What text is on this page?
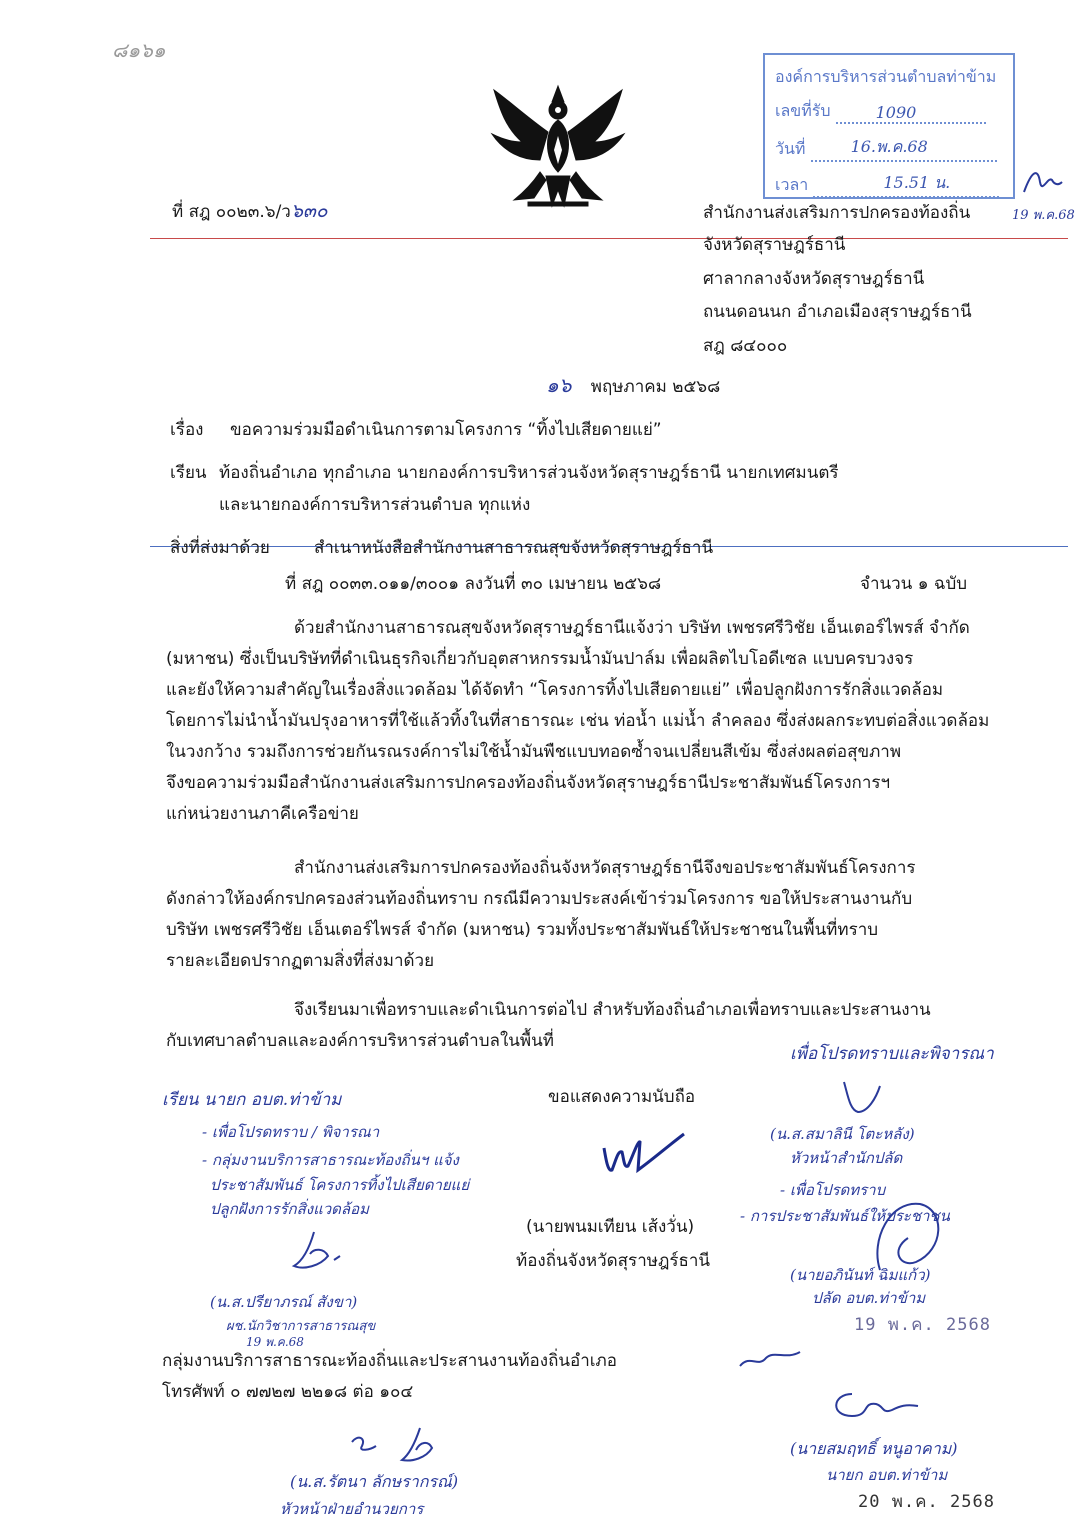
๘๑๖๑
องค์การบริหารส่วนตำบลท่าข้าม
เลขที่รับ	1090
วันที่	16.พ.ค.68
เวลา	15.51 น.
19 พ.ค.68
ที่ สฎ ๐๐๒๓.๖/ว๖๓๐	สำนักงานส่งเสริมการปกครองท้องถิ่น
จังหวัดสุราษฎร์ธานี
ศาลากลางจังหวัดสุราษฎร์ธานี
ถนนดอนนก อำเภอเมืองสุราษฎร์ธานี
สฎ ๘๔๐๐๐
๑๖ พฤษภาคม ๒๕๖๘
เรื่อง ขอความร่วมมือดำเนินการตามโครงการ “ทิ้งไปเสียดายแย่”
เรียน ท้องถิ่นอำเภอ ทุกอำเภอ นายกองค์การบริหารส่วนจังหวัดสุราษฎร์ธานี นายกเทศมนตรี
และนายกองค์การบริหารส่วนตำบล ทุกแห่ง
สิ่งที่ส่งมาด้วย	สำเนาหนังสือสำนักงานสาธารณสุขจังหวัดสุราษฎร์ธานี
ที่ สฎ ๐๐๓๓.๐๑๑/๓๐๐๑ ลงวันที่ ๓๐ เมษายน ๒๕๖๘	จำนวน ๑ ฉบับ
ด้วยสำนักงานสาธารณสุขจังหวัดสุราษฎร์ธานีแจ้งว่า บริษัท เพชรศรีวิชัย เอ็นเตอร์ไพรส์ จำกัด
(มหาชน) ซึ่งเป็นบริษัทที่ดำเนินธุรกิจเกี่ยวกับอุตสาหกรรมน้ำมันปาล์ม เพื่อผลิตไบโอดีเซล แบบครบวงจร
และยังให้ความสำคัญในเรื่องสิ่งแวดล้อม ได้จัดทำ “โครงการทิ้งไปเสียดายแย่” เพื่อปลูกฝังการรักสิ่งแวดล้อม
โดยการไม่นำน้ำมันปรุงอาหารที่ใช้แล้วทิ้งในที่สาธารณะ เช่น ท่อน้ำ แม่น้ำ ลำคลอง ซึ่งส่งผลกระทบต่อสิ่งแวดล้อม
ในวงกว้าง รวมถึงการช่วยกันรณรงค์การไม่ใช้น้ำมันพืชแบบทอดซ้ำจนเปลี่ยนสีเข้ม ซึ่งส่งผลต่อสุขภาพ
จึงขอความร่วมมือสำนักงานส่งเสริมการปกครองท้องถิ่นจังหวัดสุราษฎร์ธานีประชาสัมพันธ์โครงการฯ
แก่หน่วยงานภาคีเครือข่าย
สำนักงานส่งเสริมการปกครองท้องถิ่นจังหวัดสุราษฎร์ธานีจึงขอประชาสัมพันธ์โครงการ
ดังกล่าวให้องค์กรปกครองส่วนท้องถิ่นทราบ กรณีมีความประสงค์เข้าร่วมโครงการ ขอให้ประสานงานกับ
บริษัท เพชรศรีวิชัย เอ็นเตอร์ไพรส์ จำกัด (มหาชน) รวมทั้งประชาสัมพันธ์ให้ประชาชนในพื้นที่ทราบ
รายละเอียดปรากฏตามสิ่งที่ส่งมาด้วย
จึงเรียนมาเพื่อทราบและดำเนินการต่อไป สำหรับท้องถิ่นอำเภอเพื่อทราบและประสานงาน
กับเทศบาลตำบลและองค์การบริหารส่วนตำบลในพื้นที่
ขอแสดงความนับถือ
(นายพนมเทียน เส้งวั่น)
ท้องถิ่นจังหวัดสุราษฎร์ธานี
กลุ่มงานบริการสาธารณะท้องถิ่นและประสานงานท้องถิ่นอำเภอ
โทรศัพท์ ๐ ๗๗๒๗ ๒๒๑๘ ต่อ ๑๐๔
เรียน นายก อบต.ท่าข้าม
- เพื่อโปรดทราบ / พิจารณา
- กลุ่มงานบริการสาธารณะท้องถิ่นฯ แจ้ง
ประชาสัมพันธ์ โครงการทิ้งไปเสียดายแย่
ปลูกฝังการรักสิ่งแวดล้อม
(น.ส.ปรียาภรณ์ สังขา)
ผช.นักวิชาการสาธารณสุข
19 พ.ค.68
(น.ส.รัตนา ลักษรากรณ์)
หัวหน้าฝ่ายอำนวยการ
เพื่อโปรดทราบและพิจารณา
(น.ส.สมาลินี โตะหลัง)
หัวหน้าสำนักปลัด
- เพื่อโปรดทราบ
- การประชาสัมพันธ์ให้ประชาชน
(นายอภินันท์ ฉิมแก้ว)
ปลัด อบต.ท่าข้าม
19 พ.ค. 2568
(นายสมฤทธิ์ หนูอาคาม)
นายก อบต.ท่าข้าม
20 พ.ค. 2568
